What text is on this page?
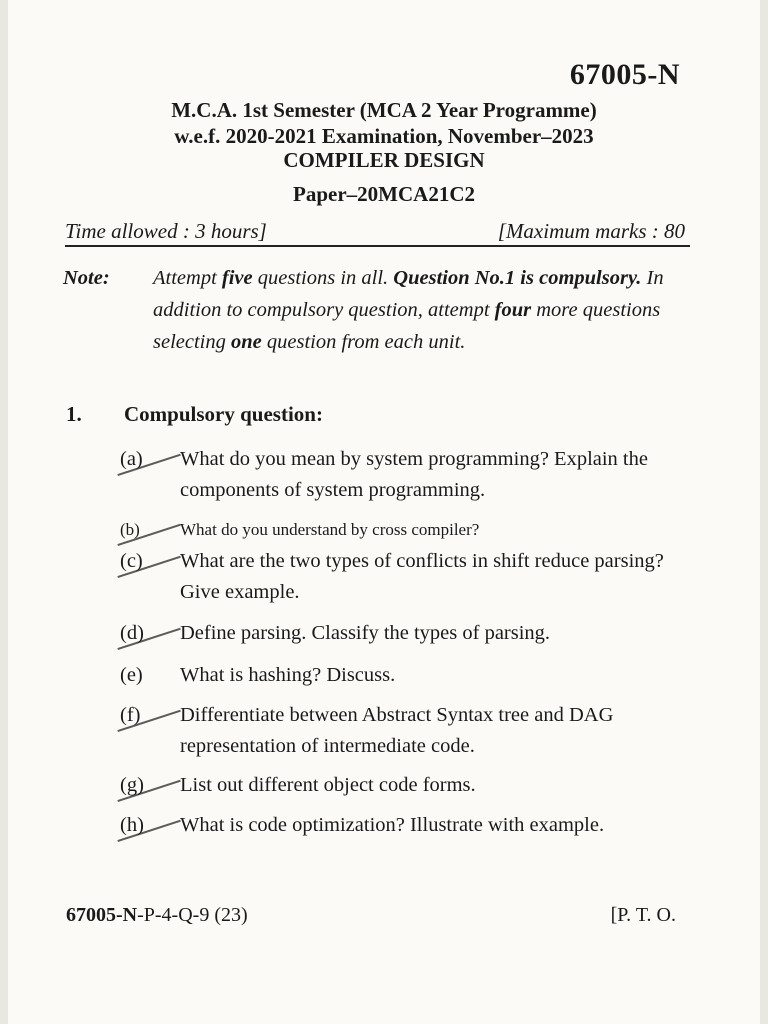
67005-N
M.C.A. 1st Semester (MCA 2 Year Programme)
w.e.f. 2020-2021 Examination, November–2023
COMPILER DESIGN
Paper–20MCA21C2
Time allowed : 3 hours]	[Maximum marks : 80
Note: Attempt five questions in all. Question No.1 is compulsory. In addition to compulsory question, attempt four more questions selecting one question from each unit.
1. Compulsory question:
(a) What do you mean by system programming? Explain the components of system programming.
(b) What do you understand by cross compiler?
(c) What are the two types of conflicts in shift reduce parsing? Give example.
(d) Define parsing. Classify the types of parsing.
(e) What is hashing? Discuss.
(f) Differentiate between Abstract Syntax tree and DAG representation of intermediate code.
(g) List out different object code forms.
(h) What is code optimization? Illustrate with example.
67005-N-P-4-Q-9 (23)	[P. T. O.
